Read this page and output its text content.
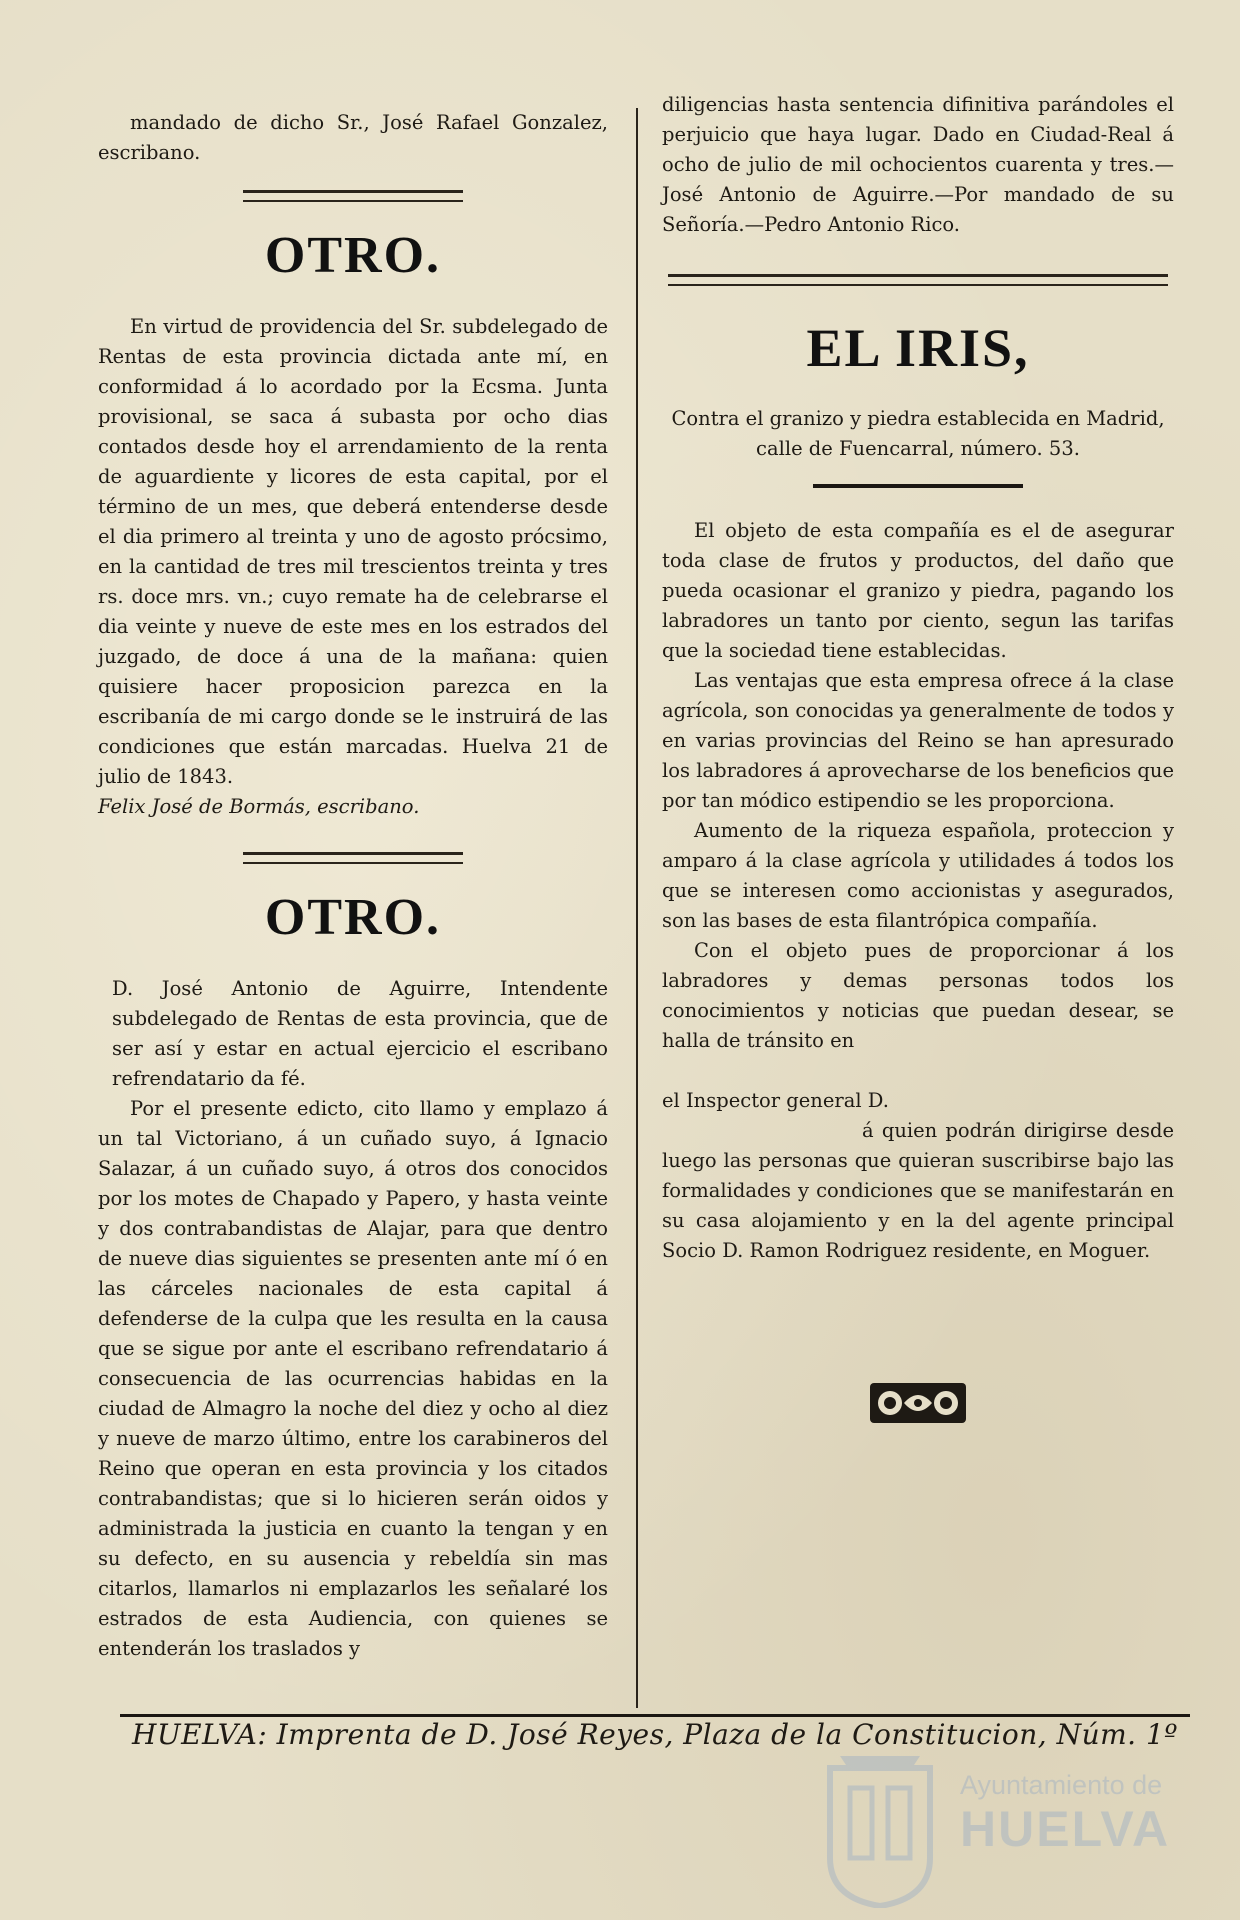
mandado de dicho Sr., José Rafael Gonzalez, escribano.

OTRO.

En virtud de providencia del Sr. subdelegado de Rentas de esta provincia dictada ante mí, en conformidad á lo acordado por la Ecsma. Junta provisional, se saca á subasta por ocho dias contados desde hoy el arrendamiento de la renta de aguardiente y licores de esta capital, por el término de un mes, que deberá entenderse desde el dia primero al treinta y uno de agosto prócsimo, en la cantidad de tres mil trescientos treinta y tres rs. doce mrs. vn.; cuyo remate ha de celebrarse el dia veinte y nueve de este mes en los estrados del juzgado, de doce á una de la mañana: quien quisiere hacer proposicion parezca en la escribanía de mi cargo donde se le instruirá de las condiciones que están marcadas. Huelva 21 de julio de 1843.

Felix José de Bormás, escribano.

OTRO.

D. José Antonio de Aguirre, Intendente subdelegado de Rentas de esta provincia, que de ser así y estar en actual ejercicio el escribano refrendatario da fé.

Por el presente edicto, cito llamo y emplazo á un tal Victoriano, á un cuñado suyo, á Ignacio Salazar, á un cuñado suyo, á otros dos conocidos por los motes de Chapado y Papero, y hasta veinte y dos contrabandistas de Alajar, para que dentro de nueve dias siguientes se presenten ante mí ó en las cárceles nacionales de esta capital á defenderse de la culpa que les resulta en la causa que se sigue por ante el escribano refrendatario á consecuencia de las ocurrencias habidas en la ciudad de Almagro la noche del diez y ocho al diez y nueve de marzo último, entre los carabineros del Reino que operan en esta provincia y los citados contrabandistas; que si lo hicieren serán oidos y administrada la justicia en cuanto la tengan y en su defecto, en su ausencia y rebeldía sin mas citarlos, llamarlos ni emplazarlos les señalaré los estrados de esta Audiencia, con quienes se entenderán los traslados y

diligencias hasta sentencia difinitiva parándoles el perjuicio que haya lugar. Dado en Ciudad-Real á ocho de julio de mil ochocientos cuarenta y tres.—José Antonio de Aguirre.—Por mandado de su Señoría.—Pedro Antonio Rico.

EL IRIS,

Contra el granizo y piedra establecida en Madrid, calle de Fuencarral, número. 53.

El objeto de esta compañía es el de asegurar toda clase de frutos y productos, del daño que pueda ocasionar el granizo y piedra, pagando los labradores un tanto por ciento, segun las tarifas que la sociedad tiene establecidas.

Las ventajas que esta empresa ofrece á la clase agrícola, son conocidas ya generalmente de todos y en varias provincias del Reino se han apresurado los labradores á aprovecharse de los beneficios que por tan módico estipendio se les proporciona.

Aumento de la riqueza española, proteccion y amparo á la clase agrícola y utilidades á todos los que se interesen como accionistas y asegurados, son las bases de esta filantrópica compañía.

Con el objeto pues de proporcionar á los labradores y demas personas todos los conocimientos y noticias que puedan desear, se halla de tránsito en

el Inspector general D.

á quien podrán dirigirse desde luego las personas que quieran suscribirse bajo las formalidades y condiciones que se manifestarán en su casa alojamiento y en la del agente principal Socio D. Ramon Rodriguez residente, en Moguer.

HUELVA: Imprenta de D. José Reyes, Plaza de la Constitucion, Núm. 1º
Ayuntamiento de
HUELVA
